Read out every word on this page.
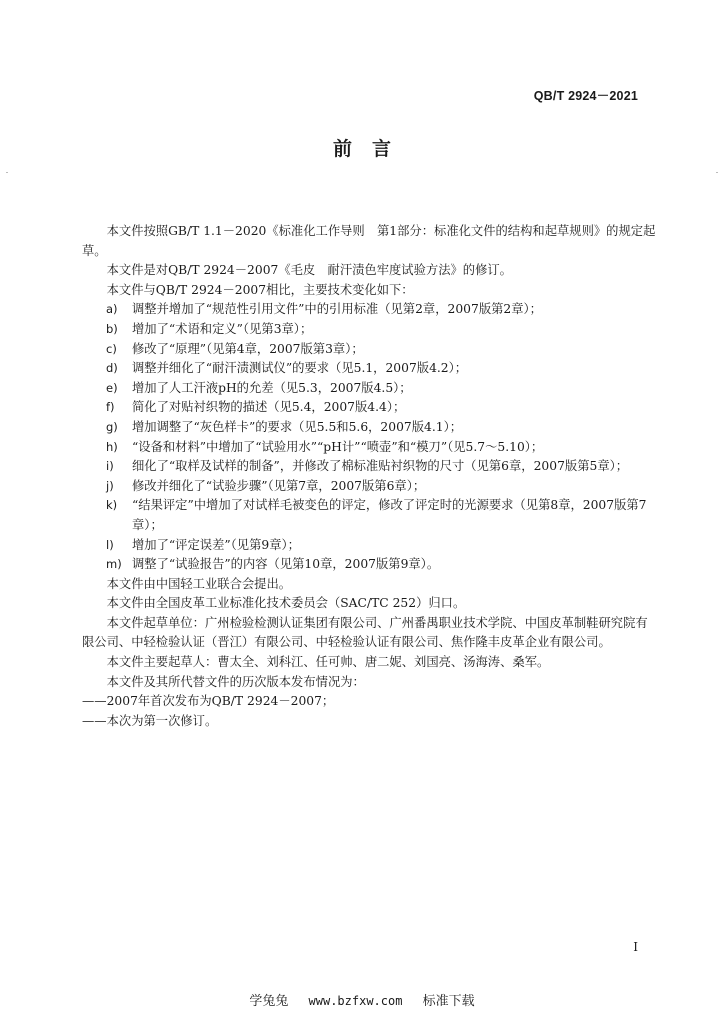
QB/T 2924－2021
前言

本文件按照GB/T 1.1－2020《标准化工作导则　第1部分：标准化文件的结构和起草规则》的规定起草。

本文件是对QB/T 2924－2007《毛皮　耐汗渍色牢度试验方法》的修订。

本文件与QB/T 2924－2007相比，主要技术变化如下：

a)	调整并增加了“规范性引用文件”中的引用标准（见第2章，2007版第2章）；
b)	增加了“术语和定义”（见第3章）；
c)	修改了“原理”（见第4章，2007版第3章）；
d)	调整并细化了“耐汗渍测试仪”的要求（见5.1，2007版4.2）；
e)	增加了人工汗液pH的允差（见5.3，2007版4.5）；
f)	简化了对贴衬织物的描述（见5.4，2007版4.4）；
g)	增加调整了“灰色样卡”的要求（见5.5和5.6，2007版4.1）；
h)	“设备和材料”中增加了“试验用水”“pH计”“喷壶”和“模刀”（见5.7～5.10）；
i)	细化了“取样及试样的制备”，并修改了棉标准贴衬织物的尺寸（见第6章，2007版第5章）；
j)	修改并细化了“试验步骤”（见第7章，2007版第6章）；
k)	“结果评定”中增加了对试样毛被变色的评定，修改了评定时的光源要求（见第8章，2007版第7章）；
l)	增加了“评定误差”（见第9章）；
m) 调整了“试验报告”的内容（见第10章，2007版第9章）。

本文件由中国轻工业联合会提出。

本文件由全国皮革工业标准化技术委员会（SAC/TC 252）归口。

本文件起草单位：广州检验检测认证集团有限公司、广州番禺职业技术学院、中国皮革制鞋研究院有限公司、中轻检验认证（晋江）有限公司、中轻检验认证有限公司、焦作隆丰皮革企业有限公司。

本文件主要起草人：曹太全、刘科江、任可帅、唐二妮、刘国亮、汤海涛、桑军。

本文件及其所代替文件的历次版本发布情况为：

——2007年首次发布为QB/T 2924－2007；

——本次为第一次修订。

I
学兔兔 www.bzfxw.com 标准下载
